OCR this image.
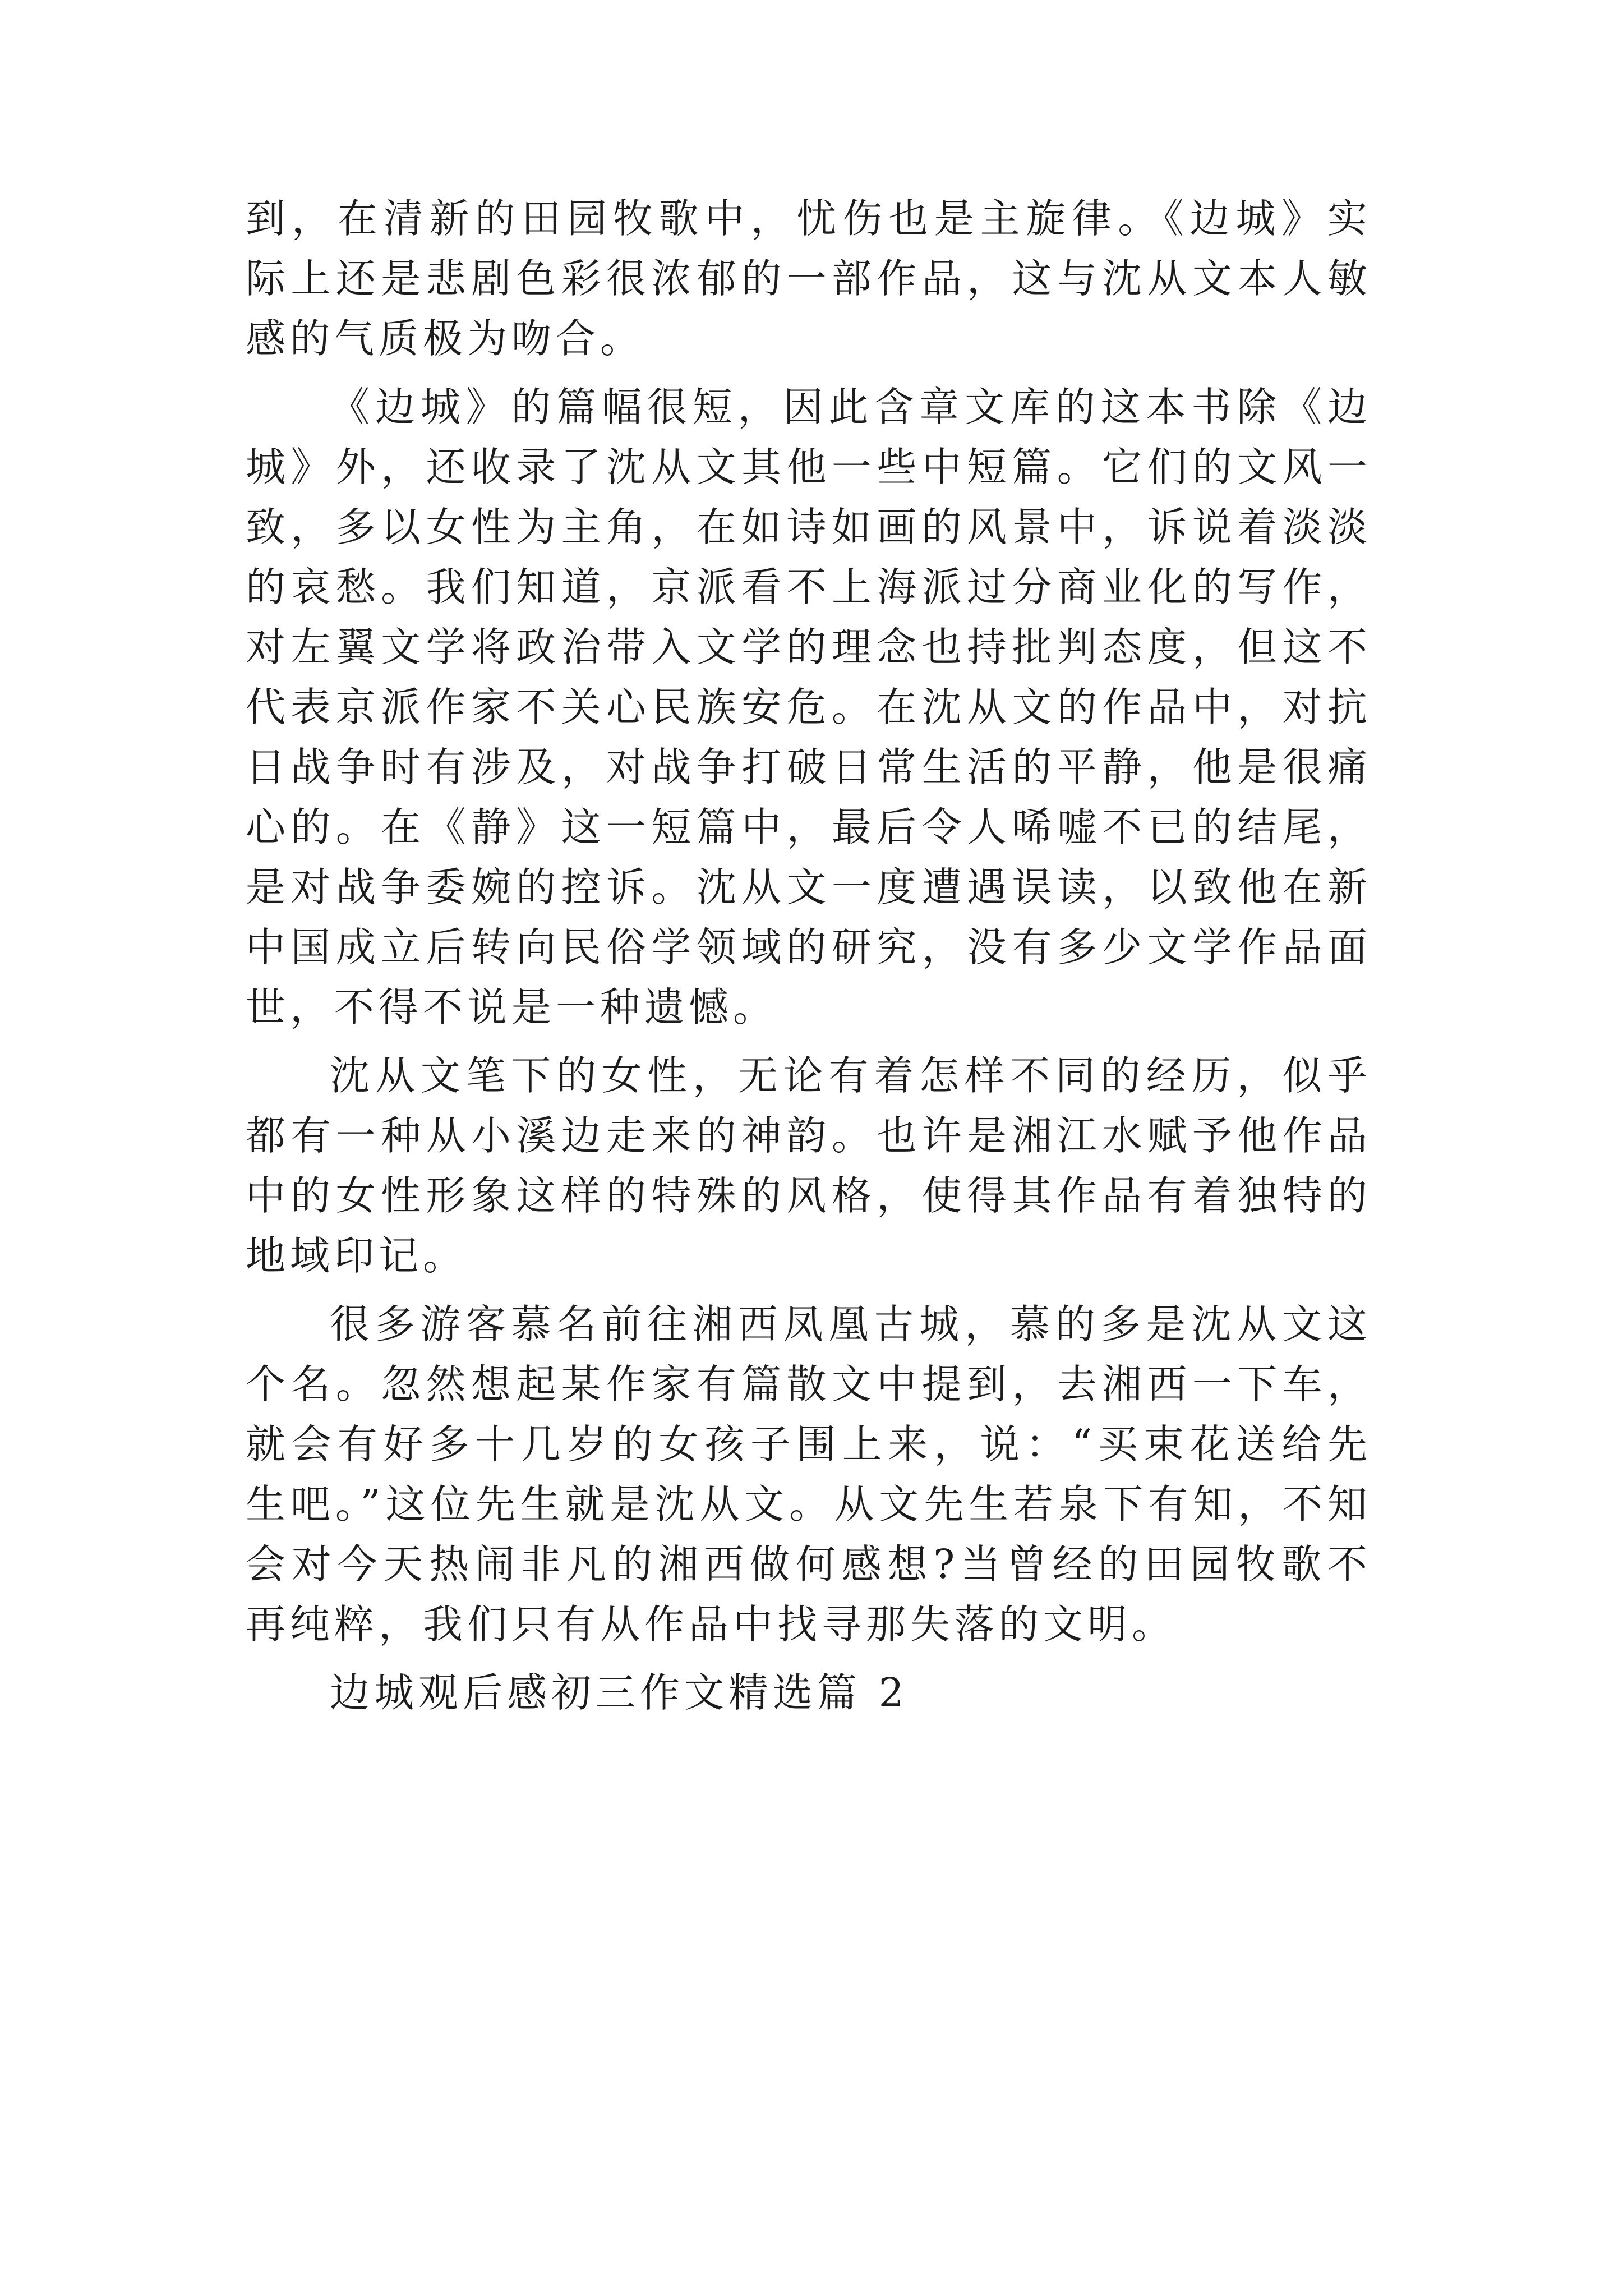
到，在清新的田园牧歌中，忧伤也是主旋律。《边城》实际上还是悲剧色彩很浓郁的一部作品，这与沈从文本人敏感的气质极为吻合。

《边城》的篇幅很短，因此含章文库的这本书除《边城》外，还收录了沈从文其他一些中短篇。它们的文风一致，多以女性为主角，在如诗如画的风景中，诉说着淡淡的哀愁。我们知道，京派看不上海派过分商业化的写作，对左翼文学将政治带入文学的理念也持批判态度，但这不代表京派作家不关心民族安危。在沈从文的作品中，对抗日战争时有涉及，对战争打破日常生活的平静，他是很痛心的。在《静》这一短篇中，最后令人唏嘘不已的结尾，是对战争委婉的控诉。沈从文一度遭遇误读，以致他在新中国成立后转向民俗学领域的研究，没有多少文学作品面世，不得不说是一种遗憾。

沈从文笔下的女性，无论有着怎样不同的经历，似乎都有一种从小溪边走来的神韵。也许是湘江水赋予他作品中的女性形象这样的特殊的风格，使得其作品有着独特的地域印记。

很多游客慕名前往湘西凤凰古城，慕的多是沈从文这个名。忽然想起某作家有篇散文中提到，去湘西一下车，就会有好多十几岁的女孩子围上来，说：“买束花送给先生吧。”这位先生就是沈从文。从文先生若泉下有知，不知会对今天热闹非凡的湘西做何感想?当曾经的田园牧歌不再纯粹，我们只有从作品中找寻那失落的文明。

边城观后感初三作文精选篇 2
